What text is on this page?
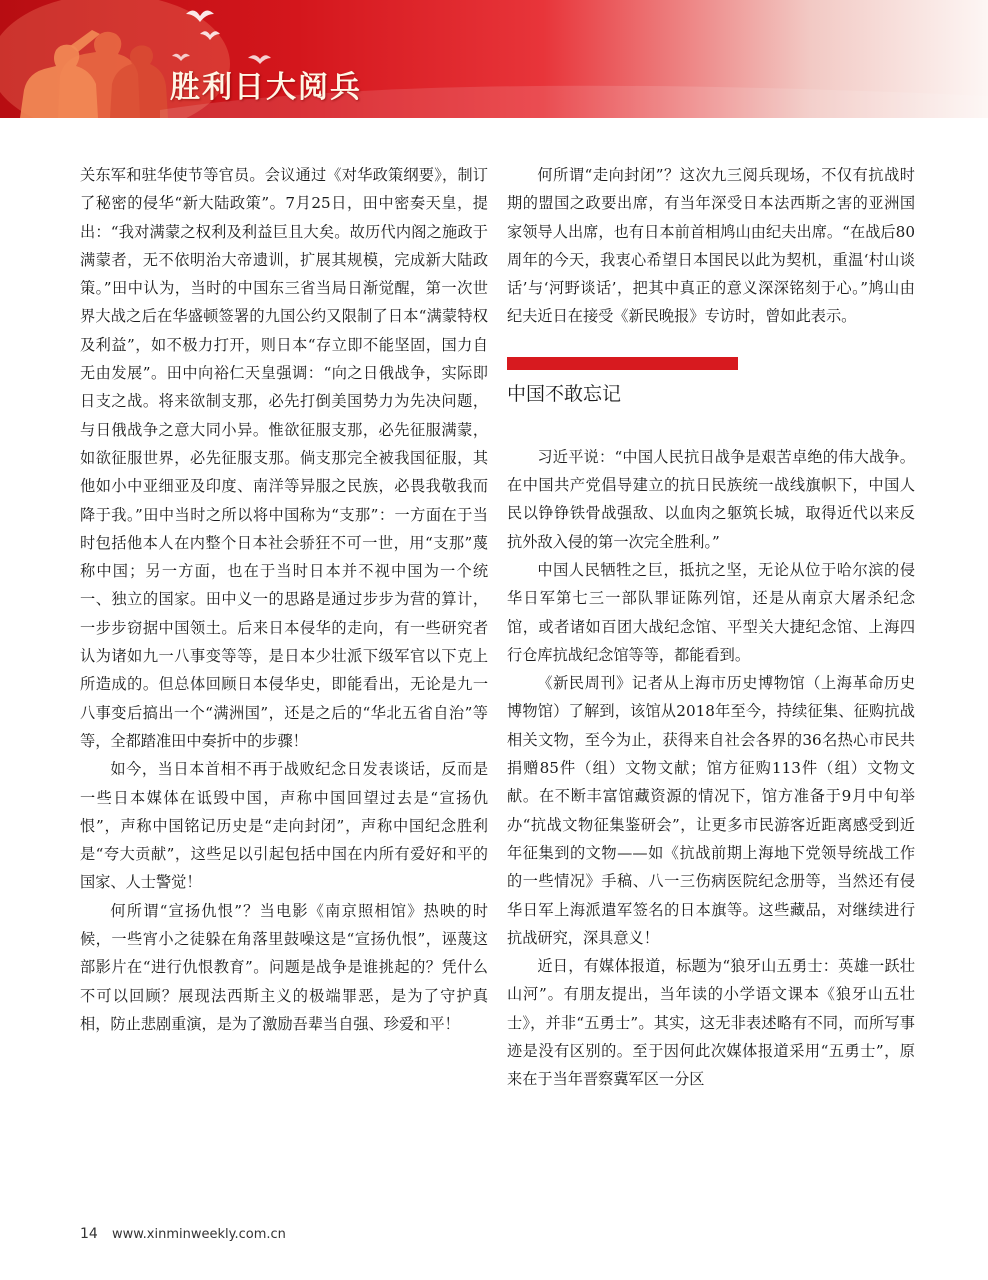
胜利日大阅兵

关东军和驻华使节等官员。会议通过《对华政策纲要》，制订了秘密的侵华“新大陆政策”。7月25日，田中密奏天皇，提出：“我对满蒙之权利及利益巨且大矣。故历代内阁之施政于满蒙者，无不依明治大帝遗训，扩展其规模，完成新大陆政策。”田中认为，当时的中国东三省当局日渐觉醒，第一次世界大战之后在华盛顿签署的九国公约又限制了日本“满蒙特权及利益”，如不极力打开，则日本“存立即不能坚固，国力自无由发展”。田中向裕仁天皇强调：“向之日俄战争，实际即日支之战。将来欲制支那，必先打倒美国势力为先决问题，与日俄战争之意大同小异。惟欲征服支那，必先征服满蒙，如欲征服世界，必先征服支那。倘支那完全被我国征服，其他如小中亚细亚及印度、南洋等异服之民族，必畏我敬我而降于我。”田中当时之所以将中国称为“支那”：一方面在于当时包括他本人在内整个日本社会骄狂不可一世，用“支那”蔑称中国；另一方面，也在于当时日本并不视中国为一个统一、独立的国家。田中义一的思路是通过步步为营的算计，一步步窃据中国领土。后来日本侵华的走向，有一些研究者认为诸如九一八事变等等，是日本少壮派下级军官以下克上所造成的。但总体回顾日本侵华史，即能看出，无论是九一八事变后搞出一个“满洲国”，还是之后的“华北五省自治”等等，全都踏准田中奏折中的步骤！

如今，当日本首相不再于战败纪念日发表谈话，反而是一些日本媒体在诋毁中国，声称中国回望过去是“宣扬仇恨”，声称中国铭记历史是“走向封闭”，声称中国纪念胜利是“夸大贡献”，这些足以引起包括中国在内所有爱好和平的国家、人士警觉！

何所谓“宣扬仇恨”？当电影《南京照相馆》热映的时候，一些宵小之徒躲在角落里鼓噪这是“宣扬仇恨”，诬蔑这部影片在“进行仇恨教育”。问题是战争是谁挑起的？凭什么不可以回顾？展现法西斯主义的极端罪恶，是为了守护真相，防止悲剧重演，是为了激励吾辈当自强、珍爱和平！

何所谓“走向封闭”？这次九三阅兵现场，不仅有抗战时期的盟国之政要出席，有当年深受日本法西斯之害的亚洲国家领导人出席，也有日本前首相鸠山由纪夫出席。“在战后80周年的今天，我衷心希望日本国民以此为契机，重温‘村山谈话’与‘河野谈话’，把其中真正的意义深深铭刻于心。”鸠山由纪夫近日在接受《新民晚报》专访时，曾如此表示。

中国不敢忘记

习近平说：“中国人民抗日战争是艰苦卓绝的伟大战争。在中国共产党倡导建立的抗日民族统一战线旗帜下，中国人民以铮铮铁骨战强敌、以血肉之躯筑长城，取得近代以来反抗外敌入侵的第一次完全胜利。”

中国人民牺牲之巨，抵抗之坚，无论从位于哈尔滨的侵华日军第七三一部队罪证陈列馆，还是从南京大屠杀纪念馆，或者诸如百团大战纪念馆、平型关大捷纪念馆、上海四行仓库抗战纪念馆等等，都能看到。

《新民周刊》记者从上海市历史博物馆（上海革命历史博物馆）了解到，该馆从2018年至今，持续征集、征购抗战相关文物，至今为止，获得来自社会各界的36名热心市民共捐赠85件（组）文物文献；馆方征购113件（组）文物文献。在不断丰富馆藏资源的情况下，馆方准备于9月中旬举办“抗战文物征集鉴研会”，让更多市民游客近距离感受到近年征集到的文物——如《抗战前期上海地下党领导统战工作的一些情况》手稿、八一三伤病医院纪念册等，当然还有侵华日军上海派遣军签名的日本旗等。这些藏品，对继续进行抗战研究，深具意义！

近日，有媒体报道，标题为“狼牙山五勇士：英雄一跃壮山河”。有朋友提出，当年读的小学语文课本《狼牙山五壮士》，并非“五勇士”。其实，这无非表述略有不同，而所写事迹是没有区别的。至于因何此次媒体报道采用“五勇士”，原来在于当年晋察冀军区一分区

14 www.xinminweekly.com.cn
